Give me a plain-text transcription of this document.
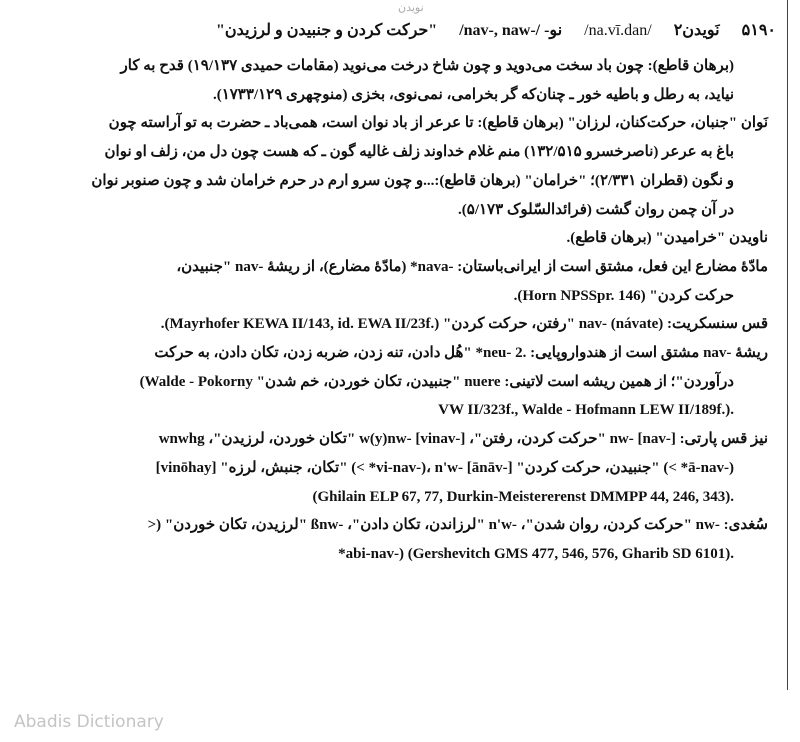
نویدن
۵۱۹۰
نَویدن۲
/na.vī.dan/
نو- /-nav-, naw/
"حرکت کردن و جنبیدن و لرزیدن"
(برهان قاطع): چون باد سخت می‌دوید و چون شاخ درخت می‌نوید (مقامات حمیدی ۱۹/۱۳۷) قدح به کار
نیاید، به رطل و باطیه خور ـ چنان‌که گر بخرامی، نمی‌نوی، بخزی (منوچهری ۱۷۳۳/۱۲۹).
نَوان "جنبان، حرکت‌کنان، لرزان" (برهان قاطع): تا عرعر از باد نوان است، همی‌باد ـ حضرت به تو آراسته چون
باغ به عرعر (ناصرخسرو ۱۳۲/۵۱۵) منم غلام خداوند زلف غالیه گون ـ که هست چون دل من، زلف او نوان
و نگون (قطران ۲/۳۳۱)؛ "خرامان" (برهان قاطع):...و چون سرو ارم در حرم خرامان شد و چون صنوبر نوان
در آن چمن روان گشت (فرائدالسّلوک ۵/۱۷۳).
ناویدن "خرامیدن" (برهان قاطع).
مادّهٔ مضارع این فعل، مشتق است از ایرانی‌باستان: ‎*nava-‎ (مادّهٔ مضارع)، از ریشهٔ ‎nav-‎ "جنبیدن،
حرکت کردن" ‎(Horn NPSSpr. 146).
قس سنسکریت: ‎nav- (návate)‎ "رفتن، حرکت کردن" ‎(Mayrhofer KEWA II/143, id. EWA II/23f.).
ریشهٔ ‎nav-‎ مشتق است از هندواروپایی: ‎*neu- 2.‎ "هُل دادن، تنه زدن، ضربه زدن، تکان دادن، به حرکت
درآوردن"؛ از همین ریشه است لاتینی: ‎nuere‎ "جنبیدن، تکان خوردن، خم شدن" ‎(Walde - Pokorny
‎VW II/323f., Walde - Hofmann LEW II/189f.).
نیز قس پارتی: ‎nw- [nav-]‎ "حرکت کردن، رفتن"، ‎w(y)nw- [vinav-]‎ "تکان خوردن، لرزیدن"، ‎wnwhg
‎[vinōhay]‎ "تکان، جنبش، لرزه" ‎(< *vi-nav-)‎، ‎n'w- [ānāv-]‎ "جنبیدن، حرکت کردن" ‎(< *ā-nav-)
‎(Ghilain ELP 67, 77, Durkin-Meistererenst DMMPP 44, 246, 343).
سُغدی: ‎nw-‎ "حرکت کردن، روان شدن"، ‎n'w-‎ "لرزاندن، تکان دادن"، ‎ßnw-‎ "لرزیدن، تکان خوردن" ‎(<
‎*abi-nav-) (Gershevitch GMS 477, 546, 576, Gharib SD 6101).
Abadis Dictionary
